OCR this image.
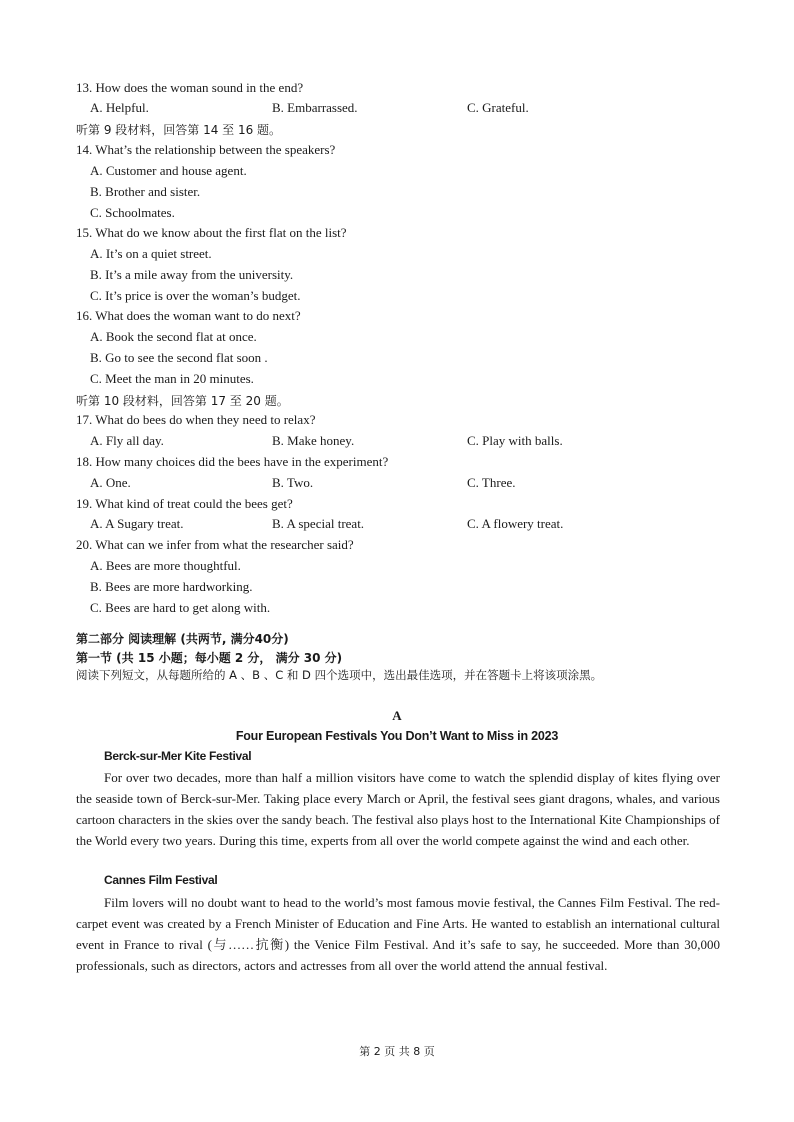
13. How does the woman sound in the end?
A. Helpful.	B. Embarrassed.	C. Grateful.
听第 9 段材料，回答第 14 至 16 题。
14. What’s the relationship between the speakers?
A. Customer and house agent.
B. Brother and sister.
C. Schoolmates.
15. What do we know about the first flat on the list?
A. It’s on a quiet street.
B. It’s a mile away from the university.
C. It’s price is over the woman’s budget.
16. What does the woman want to do next?
A. Book the second flat at once.
B. Go to see the second flat soon .
C. Meet the man in 20 minutes.
听第 10 段材料，回答第 17 至 20 题。
17. What do bees do when they need to relax?
A. Fly all day.	B. Make honey.	C. Play with balls.
18. How many choices did the bees have in the experiment?
A. One.	B. Two.	C. Three.
19. What kind of treat could the bees get?
A. A Sugary treat.	B. A special treat.	C. A flowery treat.
20. What can we infer from what the researcher said?
A. Bees are more thoughtful.
B. Bees are more hardworking.
C. Bees are hard to get along with.
第二部分 阅读理解 (共两节, 满分40分)
第一节 (共 15 小题；每小题 2 分， 满分 30 分)
阅读下列短文，从每题所给的 A 、B 、C 和 D 四个选项中，选出最佳选项，并在答题卡上将该项涂黑。
A
Four European Festivals You Don’t Want to Miss in 2023
Berck-sur-Mer Kite Festival
For over two decades, more than half a million visitors have come to watch the splendid display of kites flying over the seaside town of Berck-sur-Mer. Taking place every March or April, the festival sees giant dragons, whales, and various cartoon characters in the skies over the sandy beach. The festival also plays host to the International Kite Championships of the World every two years. During this time, experts from all over the world compete against the wind and each other.
Cannes Film Festival
Film lovers will no doubt want to head to the world’s most famous movie festival, the Cannes Film Festival. The red-carpet event was created by a French Minister of Education and Fine Arts. He wanted to establish an international cultural event in France to rival (与……抗衡) the Venice Film Festival. And it’s safe to say, he succeeded. More than 30,000 professionals, such as directors, actors and actresses from all over the world attend the annual festival.
第 2 页 共 8 页
